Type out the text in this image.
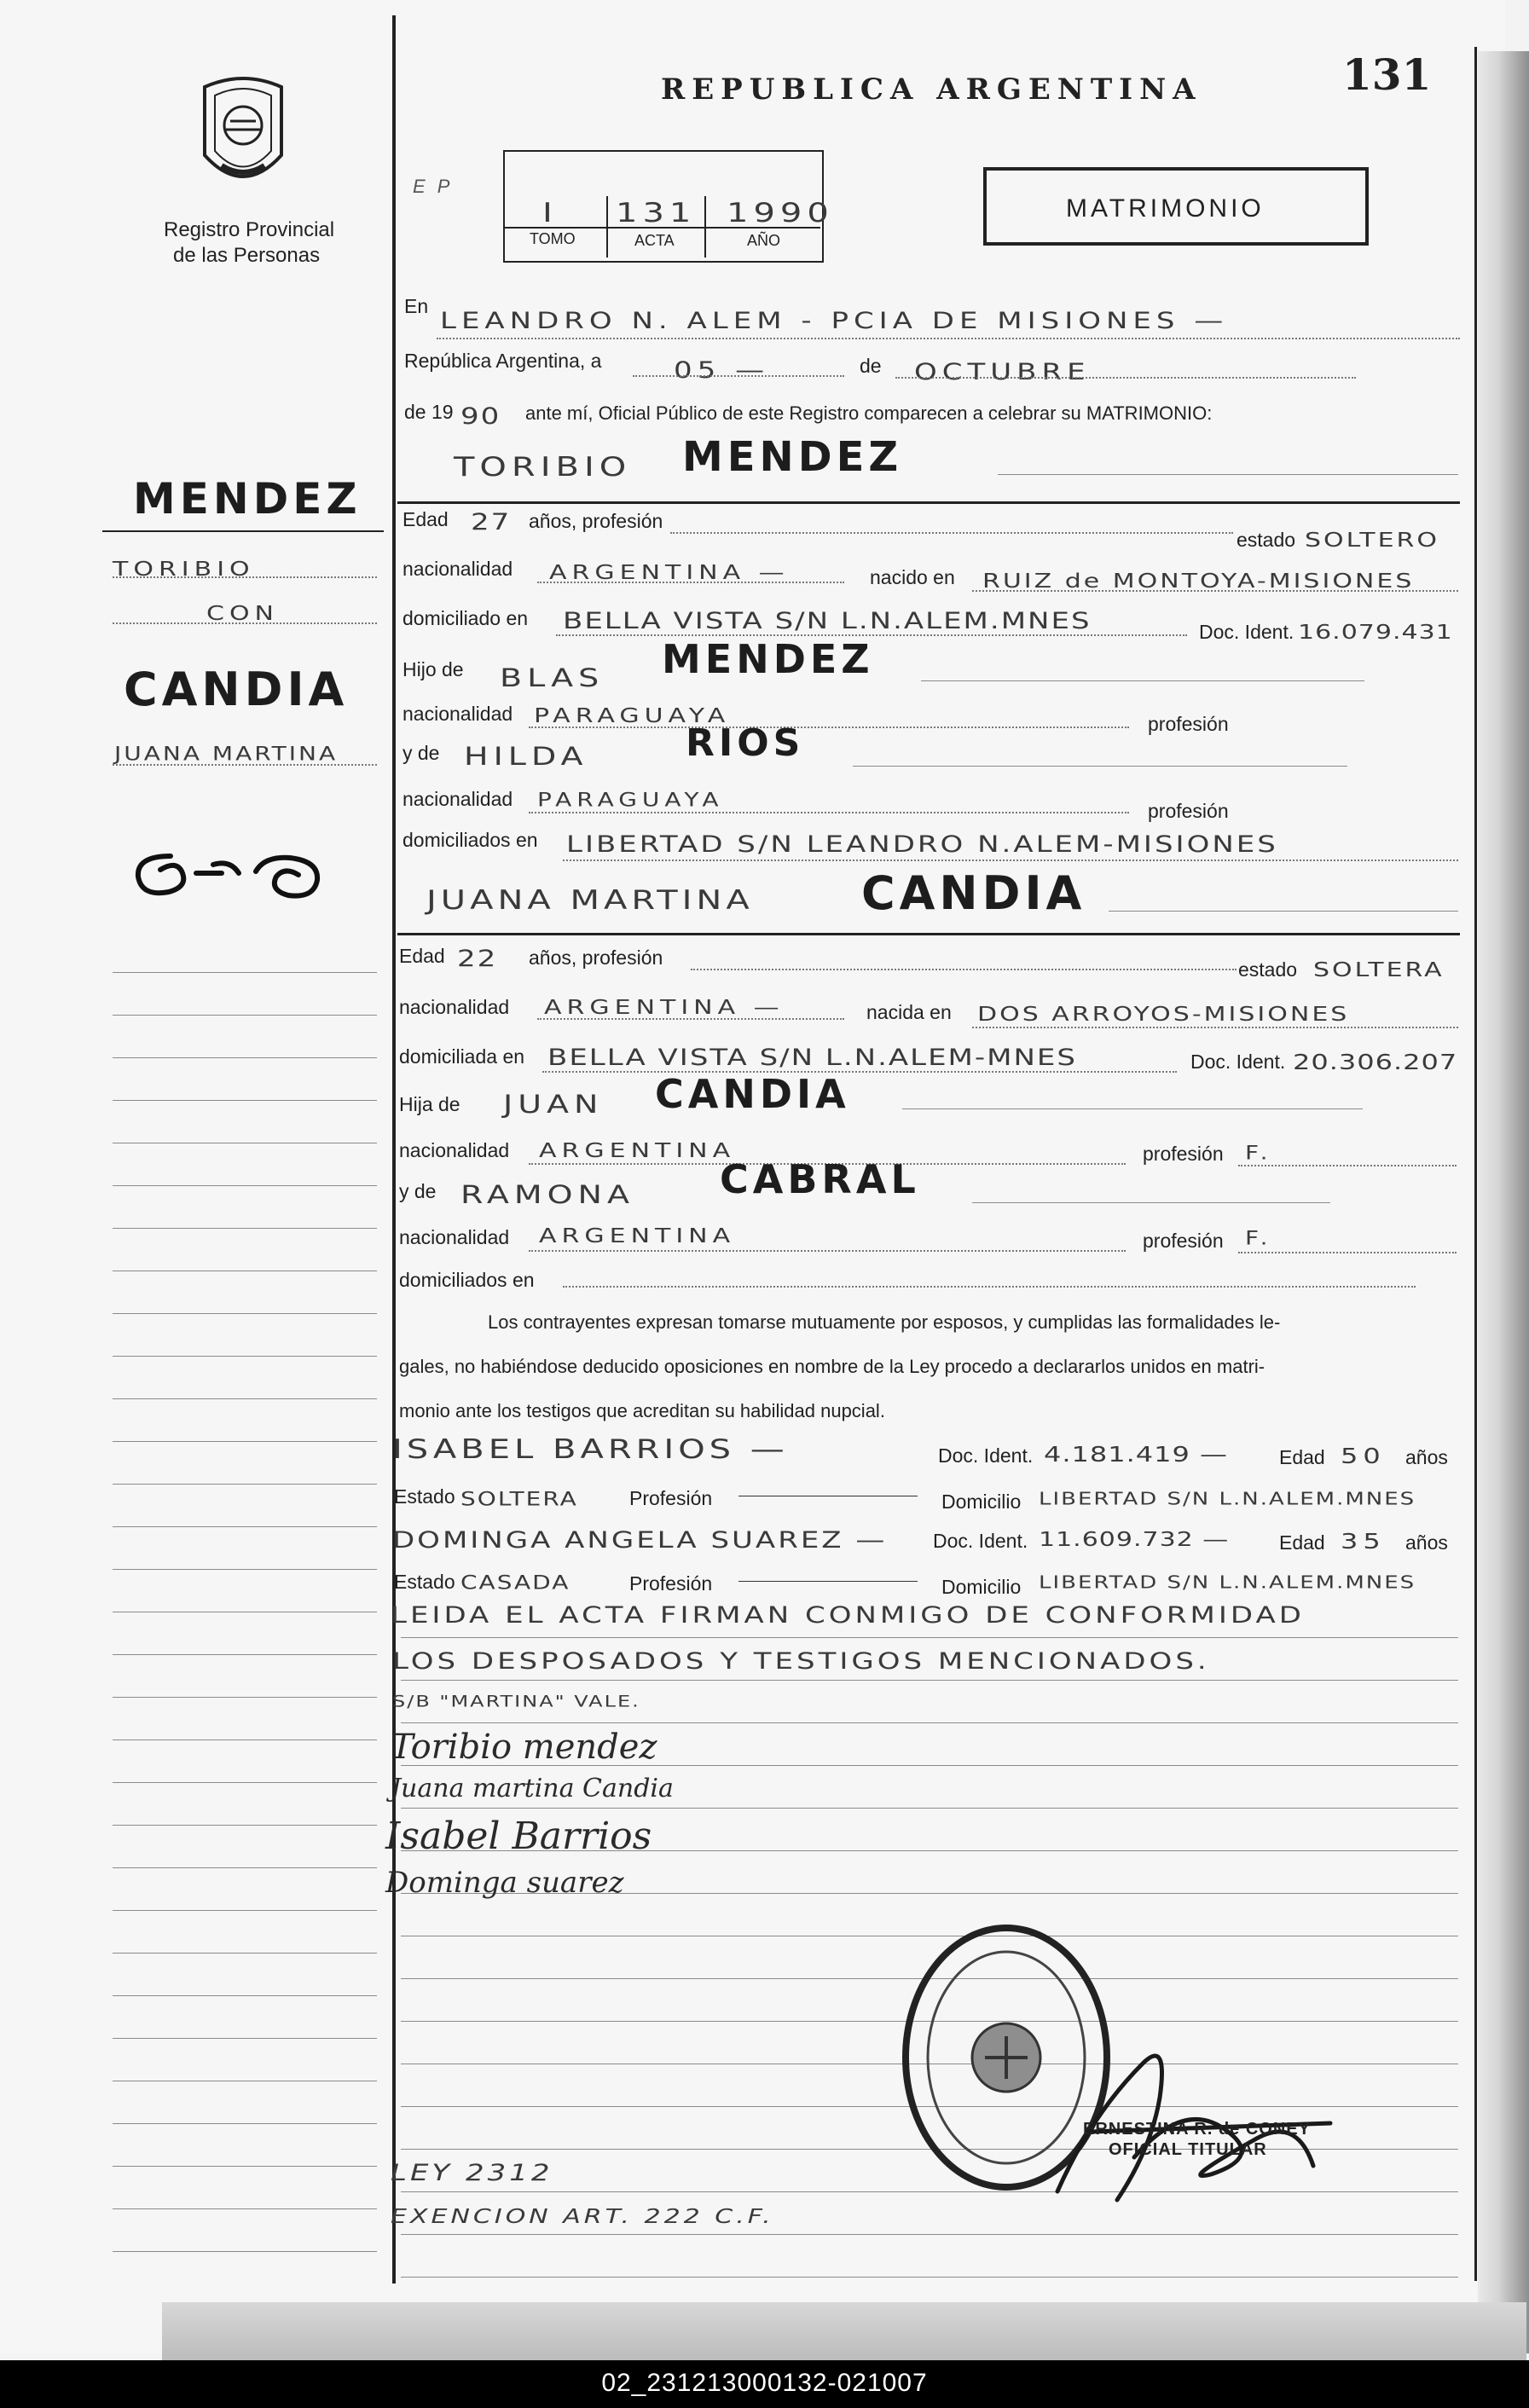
Registro Provincial
de las Personas
REPUBLICA ARGENTINA	131
E P
I 131 1990
TOMO	ACTA	AÑO
MATRIMONIO
MENDEZ
TORIBIO
CON
CANDIA
JUANA MARTINA
En
LEANDRO N. ALEM - PCIA DE MISIONES —
República Argentina, a 05 —	de OCTUBRE
de 19 90 ante mí, Oficial Público de este Registro comparecen a celebrar su MATRIMONIO:
TORIBIO MENDEZ
Edad 27 años, profesión
estado SOLTERO
nacionalidad ARGENTINA —	nacido en RUIZ de MONTOYA-MISIONES
domiciliado en BELLA VISTA S/N L.N.ALEM.MNES	Doc. Ident. 16.079.431
Hijo de BLAS MENDEZ
nacionalidad PARAGUAYA	profesión
y de HILDA	RIOS
nacionalidad PARAGUAYA	profesión
domiciliados en LIBERTAD S/N LEANDRO N.ALEM-MISIONES
JUANA MARTINA CANDIA
Edad 22 años, profesión
estado SOLTERA
nacionalidad ARGENTINA —	nacida en DOS ARROYOS-MISIONES
domiciliada en BELLA VISTA S/N L.N.ALEM-MNES	Doc. Ident. 20.306.207
Hija de JUAN CANDIA
nacionalidad ARGENTINA	profesión F.
y de RAMONA CABRAL
nacionalidad ARGENTINA	profesión F.
domiciliados en
Los contrayentes expresan tomarse mutuamente por esposos, y cumplidas las formalidades le-
gales, no habiéndose deducido oposiciones en nombre de la Ley procedo a declararlos unidos en matri-
monio ante los testigos que acreditan su habilidad nupcial.
ISABEL BARRIOS —	Doc. Ident. 4.181.419 —	Edad 50 años
Estado SOLTERA	Profesión	Domicilio LIBERTAD S/N L.N.ALEM.MNES
DOMINGA ANGELA SUAREZ — Doc. Ident. 11.609.732 —	Edad 35 años
Estado CASADA	Profesión	Domicilio LIBERTAD S/N L.N.ALEM.MNES
LEIDA EL ACTA FIRMAN CONMIGO DE CONFORMIDAD
LOS DESPOSADOS Y TESTIGOS MENCIONADOS.
S/B "MARTINA" VALE.
Toribio mendez
Juana martina Candia
Isabel Barrios
Dominga suarez
ERNESTINA R. de CONEY
OFICIAL TITULAR
LEY 2312
EXENCION ART. 222 C.F.
02_231213000132-021007
